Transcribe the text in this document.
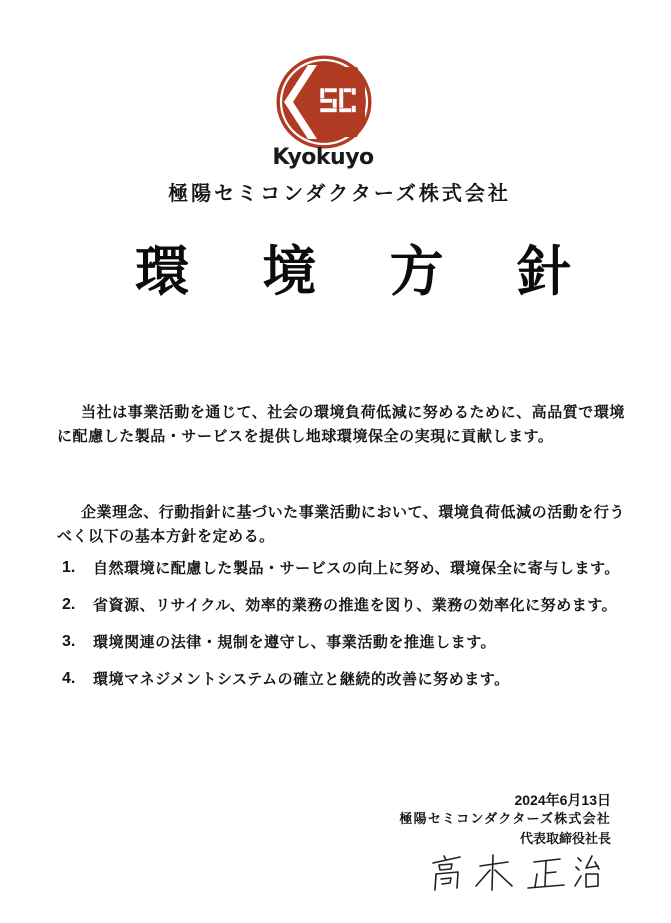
Kyokuyo
極陽セミコンダクターズ株式会社
環 境 方 針
当社は事業活動を通じて、社会の環境負荷低減に努めるために、高品質で環境
に配慮した製品・サービスを提供し地球環境保全の実現に貢献します。
企業理念、行動指針に基づいた事業活動において、環境負荷低減の活動を行う
べく以下の基本方針を定める。
1.	自然環境に配慮した製品・サービスの向上に努め、環境保全に寄与します。
2.	省資源、リサイクル、効率的業務の推進を図り、業務の効率化に努めます。
3.	環境関連の法律・規制を遵守し、事業活動を推進します。
4.	環境マネジメントシステムの確立と継続的改善に努めます。
2024年6月13日
極陽セミコンダクターズ株式会社
代表取締役社長
